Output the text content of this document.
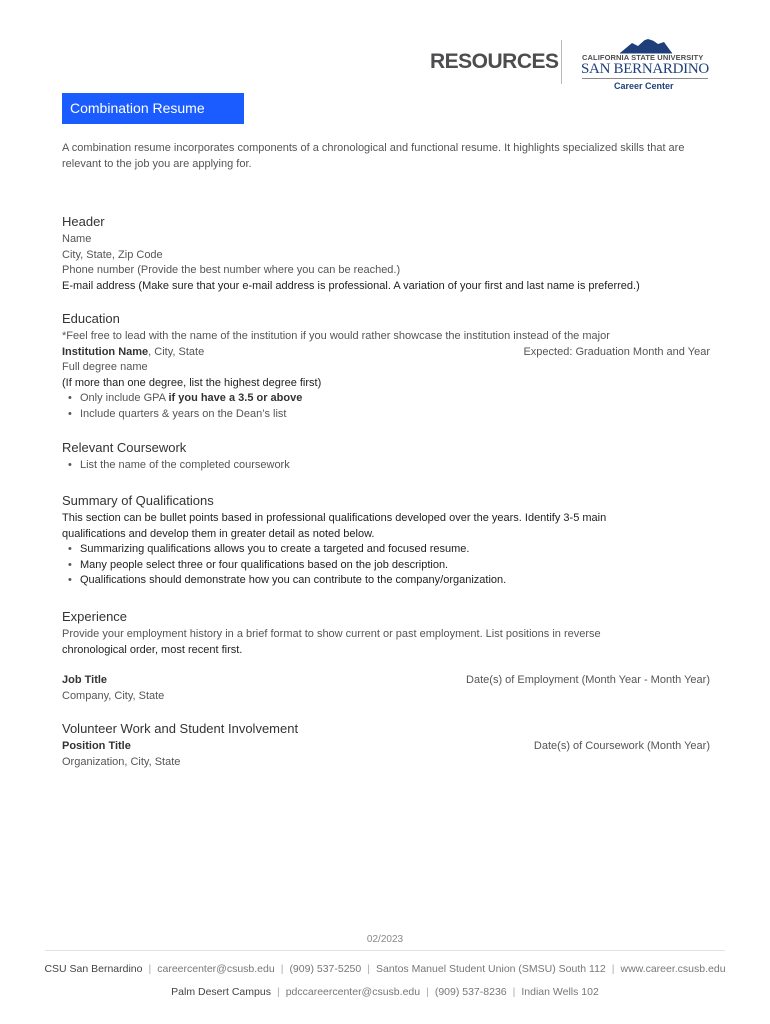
RESOURCES	CALIFORNIA STATE UNIVERSITY
SAN BERNARDINO
Career Center
Combination Resume
A combination resume incorporates components of a chronological and functional resume. It highlights specialized skills that are relevant to the job you are applying for.
Header
Name
City, State, Zip Code
Phone number (Provide the best number where you can be reached.)
E-mail address (Make sure that your e-mail address is professional. A variation of your first and last name is preferred.)
Education
*Feel free to lead with the name of the institution if you would rather showcase the institution instead of the major
Institution Name, City, State	Expected: Graduation Month and Year
Full degree name
(If more than one degree, list the highest degree first)
• Only include GPA if you have a 3.5 or above
• Include quarters & years on the Dean’s list
Relevant Coursework
• List the name of the completed coursework
Summary of Qualifications
This section can be bullet points based in professional qualifications developed over the years. Identify 3-5 main
qualifications and develop them in greater detail as noted below.
• Summarizing qualifications allows you to create a targeted and focused resume.
• Many people select three or four qualifications based on the job description.
• Qualifications should demonstrate how you can contribute to the company/organization.
Experience
Provide your employment history in a brief format to show current or past employment. List positions in reverse
chronological order, most recent first.
Job Title	Date(s) of Employment (Month Year - Month Year)
Company, City, State
Volunteer Work and Student Involvement
Position Title	Date(s) of Coursework (Month Year)
Organization, City, State
02/2023
CSU San Bernardino | careercenter@csusb.edu | (909) 537-5250 | Santos Manuel Student Union (SMSU) South 112 | www.career.csusb.edu
Palm Desert Campus | pdccareercenter@csusb.edu | (909) 537-8236 | Indian Wells 102
